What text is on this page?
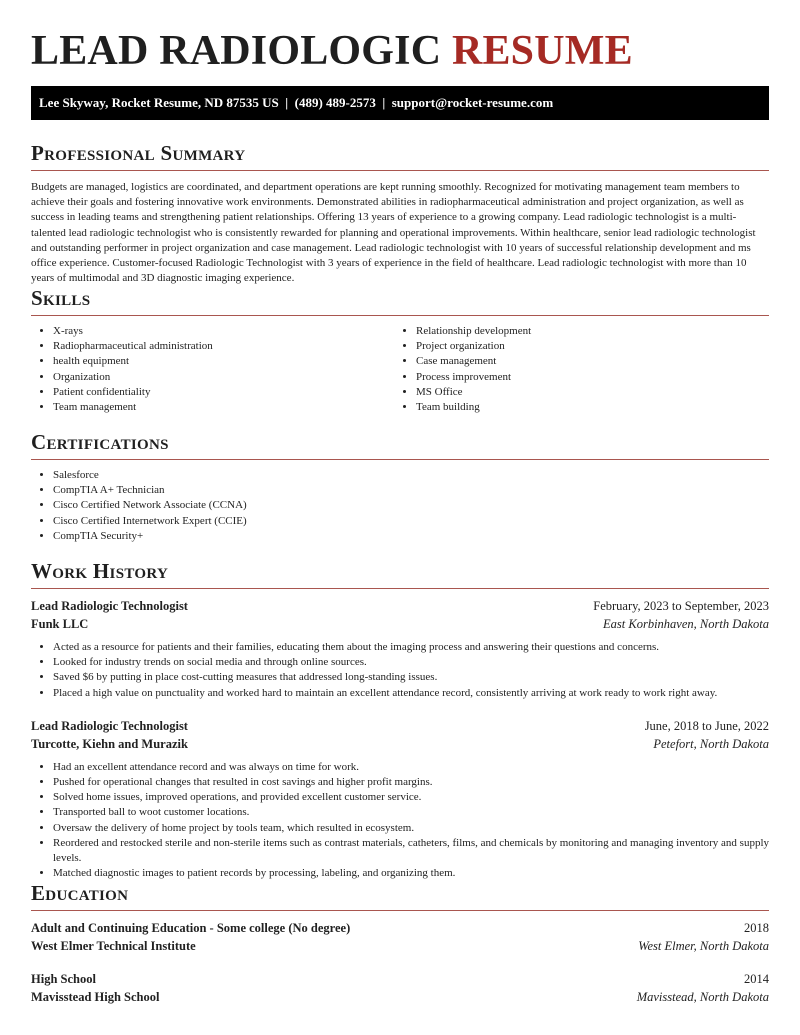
LEAD RADIOLOGIC RESUME
Lee Skyway, Rocket Resume, ND 87535 US  |  (489) 489-2573  |  support@rocket-resume.com
Professional Summary

Budgets are managed, logistics are coordinated, and department operations are kept running smoothly. Recognized for motivating management team members to achieve their goals and fostering innovative work environments. Demonstrated abilities in radiopharmaceutical administration and project organization, as well as success in leading teams and strengthening patient relationships. Offering 13 years of experience to a growing company. Lead radiologic technologist is a multi-talented lead radiologic technologist who is consistently rewarded for planning and operational improvements. Within healthcare, senior lead radiologic technologist and outstanding performer in project organization and case management. Lead radiologic technologist with 10 years of successful relationship development and ms office experience. Customer-focused Radiologic Technologist with 3 years of experience in the field of healthcare. Lead radiologic technologist with more than 10 years of multimodal and 3D diagnostic imaging experience.

Skills
• X-rays
• Radiopharmaceutical administration
• health equipment
• Organization
• Patient confidentiality
• Team management
• Relationship development
• Project organization
• Case management
• Process improvement
• MS Office
• Team building
Certifications
• Salesforce
• CompTIA A+ Technician
• Cisco Certified Network Associate (CCNA)
• Cisco Certified Internetwork Expert (CCIE)
• CompTIA Security+
Work History
Lead Radiologic Technologist	February, 2023 to September, 2023
Funk LLC	East Korbinhaven, North Dakota
• Acted as a resource for patients and their families, educating them about the imaging process and answering their questions and concerns.
• Looked for industry trends on social media and through online sources.
• Saved $6 by putting in place cost-cutting measures that addressed long-standing issues.
• Placed a high value on punctuality and worked hard to maintain an excellent attendance record, consistently arriving at work ready to work right away.
Lead Radiologic Technologist	June, 2018 to June, 2022
Turcotte, Kiehn and Murazik	Petefort, North Dakota
• Had an excellent attendance record and was always on time for work.
• Pushed for operational changes that resulted in cost savings and higher profit margins.
• Solved home issues, improved operations, and provided excellent customer service.
• Transported ball to woot customer locations.
• Oversaw the delivery of home project by tools team, which resulted in ecosystem.
• Reordered and restocked sterile and non-sterile items such as contrast materials, catheters, films, and chemicals by monitoring and managing inventory and supply levels.
• Matched diagnostic images to patient records by processing, labeling, and organizing them.
Education
Adult and Continuing Education - Some college (No degree)	2018
West Elmer Technical Institute	West Elmer, North Dakota
High School	2014
Mavisstead High School	Mavisstead, North Dakota
